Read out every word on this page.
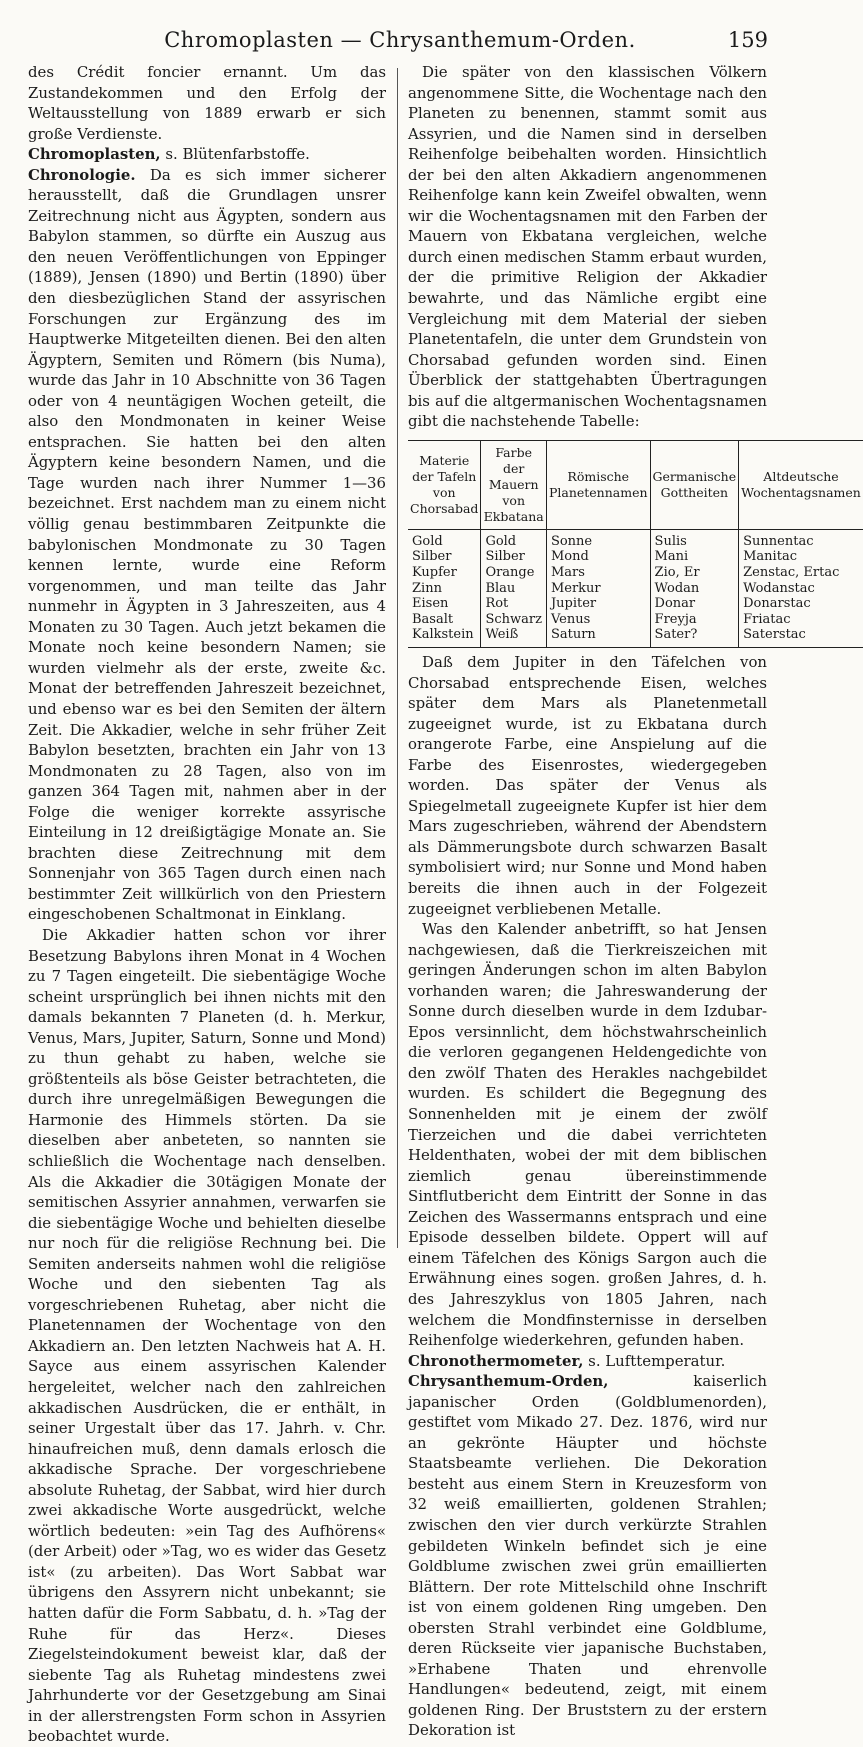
Chromoplasten — Chrysanthemum-Orden.	159

des Crédit foncier ernannt. Um das Zustandekommen und den Erfolg der Weltausstellung von 1889 erwarb er sich große Verdienste.

Chromoplasten, s. Blütenfarbstoffe.

Chronologie. Da es sich immer sicherer herausstellt, daß die Grundlagen unsrer Zeitrechnung nicht aus Ägypten, sondern aus Babylon stammen, so dürfte ein Auszug aus den neuen Veröffentlichungen von Eppinger (1889), Jensen (1890) und Bertin (1890) über den diesbezüglichen Stand der assyrischen Forschungen zur Ergänzung des im Hauptwerke Mitgeteilten dienen. Bei den alten Ägyptern, Semiten und Römern (bis Numa), wurde das Jahr in 10 Abschnitte von 36 Tagen oder von 4 neuntägigen Wochen geteilt, die also den Mondmonaten in keiner Weise entsprachen. Sie hatten bei den alten Ägyptern keine besondern Namen, und die Tage wurden nach ihrer Nummer 1—36 bezeichnet. Erst nachdem man zu einem nicht völlig genau bestimmbaren Zeitpunkte die babylonischen Mondmonate zu 30 Tagen kennen lernte, wurde eine Reform vorgenommen, und man teilte das Jahr nunmehr in Ägypten in 3 Jahreszeiten, aus 4 Monaten zu 30 Tagen. Auch jetzt bekamen die Monate noch keine besondern Namen; sie wurden vielmehr als der erste, zweite &c. Monat der betreffenden Jahreszeit bezeichnet, und ebenso war es bei den Semiten der ältern Zeit. Die Akkadier, welche in sehr früher Zeit Babylon besetzten, brachten ein Jahr von 13 Mondmonaten zu 28 Tagen, also von im ganzen 364 Tagen mit, nahmen aber in der Folge die weniger korrekte assyrische Einteilung in 12 dreißigtägige Monate an. Sie brachten diese Zeitrechnung mit dem Sonnenjahr von 365 Tagen durch einen nach bestimmter Zeit willkürlich von den Priestern eingeschobenen Schaltmonat in Einklang.

Die Akkadier hatten schon vor ihrer Besetzung Babylons ihren Monat in 4 Wochen zu 7 Tagen eingeteilt. Die siebentägige Woche scheint ursprünglich bei ihnen nichts mit den damals bekannten 7 Planeten (d. h. Merkur, Venus, Mars, Jupiter, Saturn, Sonne und Mond) zu thun gehabt zu haben, welche sie größtenteils als böse Geister betrachteten, die durch ihre unregelmäßigen Bewegungen die Harmonie des Himmels störten. Da sie dieselben aber anbeteten, so nannten sie schließlich die Wochentage nach denselben. Als die Akkadier die 30tägigen Monate der semitischen Assyrier annahmen, verwarfen sie die siebentägige Woche und behielten dieselbe nur noch für die religiöse Rechnung bei. Die Semiten anderseits nahmen wohl die religiöse Woche und den siebenten Tag als vorgeschriebenen Ruhetag, aber nicht die Planetennamen der Wochentage von den Akkadiern an. Den letzten Nachweis hat A. H. Sayce aus einem assyrischen Kalender hergeleitet, welcher nach den zahlreichen akkadischen Ausdrücken, die er enthält, in seiner Urgestalt über das 17. Jahrh. v. Chr. hinaufreichen muß, denn damals erlosch die akkadische Sprache. Der vorgeschriebene absolute Ruhetag, der Sabbat, wird hier durch zwei akkadische Worte ausgedrückt, welche wörtlich bedeuten: »ein Tag des Aufhörens« (der Arbeit) oder »Tag, wo es wider das Gesetz ist« (zu arbeiten). Das Wort Sabbat war übrigens den Assyrern nicht unbekannt; sie hatten dafür die Form Sabbatu, d. h. »Tag der Ruhe für das Herz«. Dieses Ziegelsteindokument beweist klar, daß der siebente Tag als Ruhetag mindestens zwei Jahrhunderte vor der Gesetzgebung am Sinai in der allerstrengsten Form schon in Assyrien beobachtet wurde.

Die später von den klassischen Völkern angenommene Sitte, die Wochentage nach den Planeten zu benennen, stammt somit aus Assyrien, und die Namen sind in derselben Reihenfolge beibehalten worden. Hinsichtlich der bei den alten Akkadiern angenommenen Reihenfolge kann kein Zweifel obwalten, wenn wir die Wochentagsnamen mit den Farben der Mauern von Ekbatana vergleichen, welche durch einen medischen Stamm erbaut wurden, der die primitive Religion der Akkadier bewahrte, und das Nämliche ergibt eine Vergleichung mit dem Material der sieben Planetentafeln, die unter dem Grundstein von Chorsabad gefunden worden sind. Einen Überblick der stattgehabten Übertragungen bis auf die altgermanischen Wochentagsnamen gibt die nachstehende Tabelle:

Materie der Tafeln von Chorsabad	Farbe der Mauern von Ekbatana	Römische Planetennamen	Germanische Gottheiten	Altdeutsche Wochentagsnamen
Gold	Gold	Sonne	Sulis	Sunnentac
Silber	Silber	Mond	Mani	Manitac
Kupfer	Orange	Mars	Zio, Er	Zenstac, Ertac
Zinn	Blau	Merkur	Wodan	Wodanstac
Eisen	Rot	Jupiter	Donar	Donarstac
Basalt	Schwarz	Venus	Freyja	Friatac
Kalkstein	Weiß	Saturn	Sater?	Saterstac

Daß dem Jupiter in den Täfelchen von Chorsabad entsprechende Eisen, welches später dem Mars als Planetenmetall zugeeignet wurde, ist zu Ekbatana durch orangerote Farbe, eine Anspielung auf die Farbe des Eisenrostes, wiedergegeben worden. Das später der Venus als Spiegelmetall zugeeignete Kupfer ist hier dem Mars zugeschrieben, während der Abendstern als Dämmerungsbote durch schwarzen Basalt symbolisiert wird; nur Sonne und Mond haben bereits die ihnen auch in der Folgezeit zugeeignet verbliebenen Metalle.

Was den Kalender anbetrifft, so hat Jensen nachgewiesen, daß die Tierkreiszeichen mit geringen Änderungen schon im alten Babylon vorhanden waren; die Jahreswanderung der Sonne durch dieselben wurde in dem Izdubar-Epos versinnlicht, dem höchstwahrscheinlich die verloren gegangenen Heldengedichte von den zwölf Thaten des Herakles nachgebildet wurden. Es schildert die Begegnung des Sonnenhelden mit je einem der zwölf Tierzeichen und die dabei verrichteten Heldenthaten, wobei der mit dem biblischen ziemlich genau übereinstimmende Sintflutbericht dem Eintritt der Sonne in das Zeichen des Wassermanns entsprach und eine Episode desselben bildete. Oppert will auf einem Täfelchen des Königs Sargon auch die Erwähnung eines sogen. großen Jahres, d. h. des Jahreszyklus von 1805 Jahren, nach welchem die Mondfinsternisse in derselben Reihenfolge wiederkehren, gefunden haben.

Chronothermometer, s. Lufttemperatur.

Chrysanthemum-Orden, kaiserlich japanischer Orden (Goldblumenorden), gestiftet vom Mikado 27. Dez. 1876, wird nur an gekrönte Häupter und höchste Staatsbeamte verliehen. Die Dekoration besteht aus einem Stern in Kreuzesform von 32 weiß emaillierten, goldenen Strahlen; zwischen den vier durch verkürzte Strahlen gebildeten Winkeln befindet sich je eine Goldblume zwischen zwei grün emaillierten Blättern. Der rote Mittelschild ohne Inschrift ist von einem goldenen Ring umgeben. Den obersten Strahl verbindet eine Goldblume, deren Rückseite vier japanische Buchstaben, »Erhabene Thaten und ehrenvolle Handlungen« bedeutend, zeigt, mit einem goldenen Ring. Der Bruststern zu der erstern Dekoration ist
